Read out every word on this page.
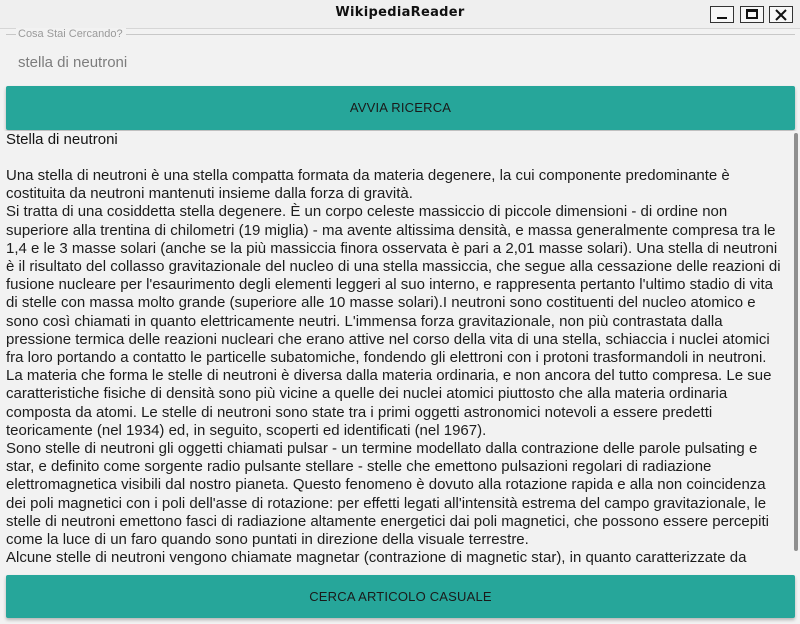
WikipediaReader
Cosa Stai Cercando?
stella di neutroni
AVVIA RICERCA
Stella di neutroni
Una stella di neutroni è una stella compatta formata da materia degenere, la cui componente predominante è costituita da neutroni mantenuti insieme dalla forza di gravità.
Si tratta di una cosiddetta stella degenere. È un corpo celeste massiccio di piccole dimensioni - di ordine non superiore alla trentina di chilometri (19 miglia) - ma avente altissima densità, e massa generalmente compresa tra le 1,4 e le 3 masse solari (anche se la più massiccia finora osservata è pari a 2,01 masse solari). Una stella di neutroni è il risultato del collasso gravitazionale del nucleo di una stella massiccia, che segue alla cessazione delle reazioni di fusione nucleare per l'esaurimento degli elementi leggeri al suo interno, e rappresenta pertanto l'ultimo stadio di vita di stelle con massa molto grande (superiore alle 10 masse solari).I neutroni sono costituenti del nucleo atomico e sono così chiamati in quanto elettricamente neutri. L'immensa forza gravitazionale, non più contrastata dalla pressione termica delle reazioni nucleari che erano attive nel corso della vita di una stella, schiaccia i nuclei atomici fra loro portando a contatto le particelle subatomiche, fondendo gli elettroni con i protoni trasformandoli in neutroni. La materia che forma le stelle di neutroni è diversa dalla materia ordinaria, e non ancora del tutto compresa. Le sue caratteristiche fisiche di densità sono più vicine a quelle dei nuclei atomici piuttosto che alla materia ordinaria composta da atomi. Le stelle di neutroni sono state tra i primi oggetti astronomici notevoli a essere predetti teoricamente (nel 1934) ed, in seguito, scoperti ed identificati (nel 1967).
Sono stelle di neutroni gli oggetti chiamati pulsar - un termine modellato dalla contrazione delle parole pulsating e star, e definito come sorgente radio pulsante stellare - stelle che emettono pulsazioni regolari di radiazione elettromagnetica visibili dal nostro pianeta. Questo fenomeno è dovuto alla rotazione rapida e alla non coincidenza dei poli magnetici con i poli dell'asse di rotazione: per effetti legati all'intensità estrema del campo gravitazionale, le stelle di neutroni emettono fasci di radiazione altamente energetici dai poli magnetici, che possono essere percepiti come la luce di un faro quando sono puntati in direzione della visuale terrestre.
Alcune stelle di neutroni vengono chiamate magnetar (contrazione di magnetic star), in quanto caratterizzate da
CERCA ARTICOLO CASUALE
